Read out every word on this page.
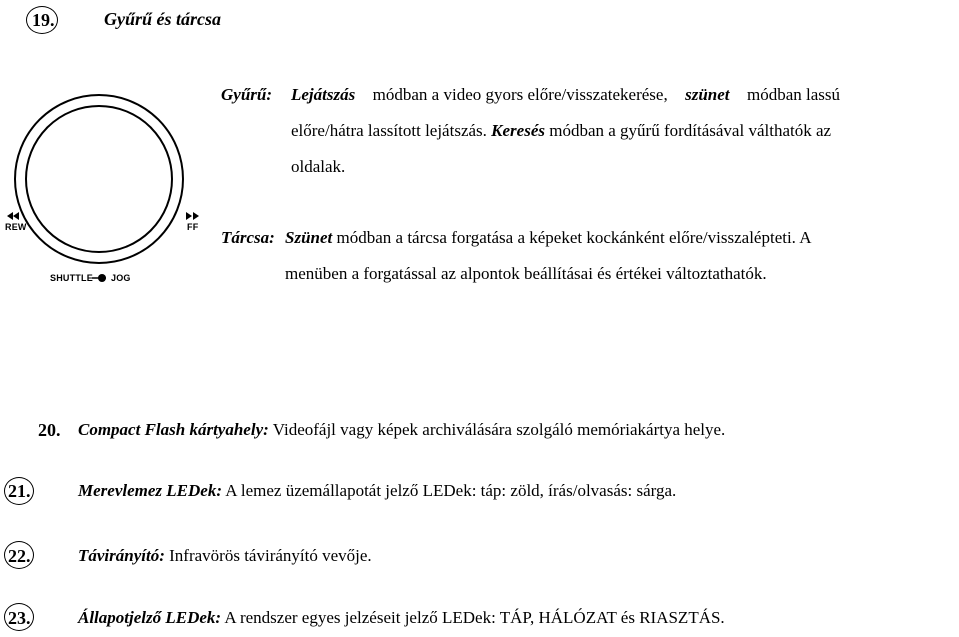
19.	Gyűrű és tárcsa
REW	FF
SHUTTLE JOG
Gyűrű: Lejátszás módban a video gyors előre/visszatekerése, szünet módban lassú
előre/hátra lassított lejátszás. Keresés módban a gyűrű fordításával válthatók az
oldalak.
Tárcsa: Szünet módban a tárcsa forgatása a képeket kockánként előre/visszalépteti. A
menüben a forgatással az alpontok beállításai és értékei változtathatók.
20. Compact Flash kártyahely: Videofájl vagy képek archiválására szolgáló memóriakártya helye.
21.	Merevlemez LEDek: A lemez üzemállapotát jelző LEDek: táp: zöld, írás/olvasás: sárga.
22.	Távirányító: Infravörös távirányító vevője.
23.	Állapotjelző LEDek: A rendszer egyes jelzéseit jelző LEDek: TÁP, HÁLÓZAT és RIASZTÁS.
